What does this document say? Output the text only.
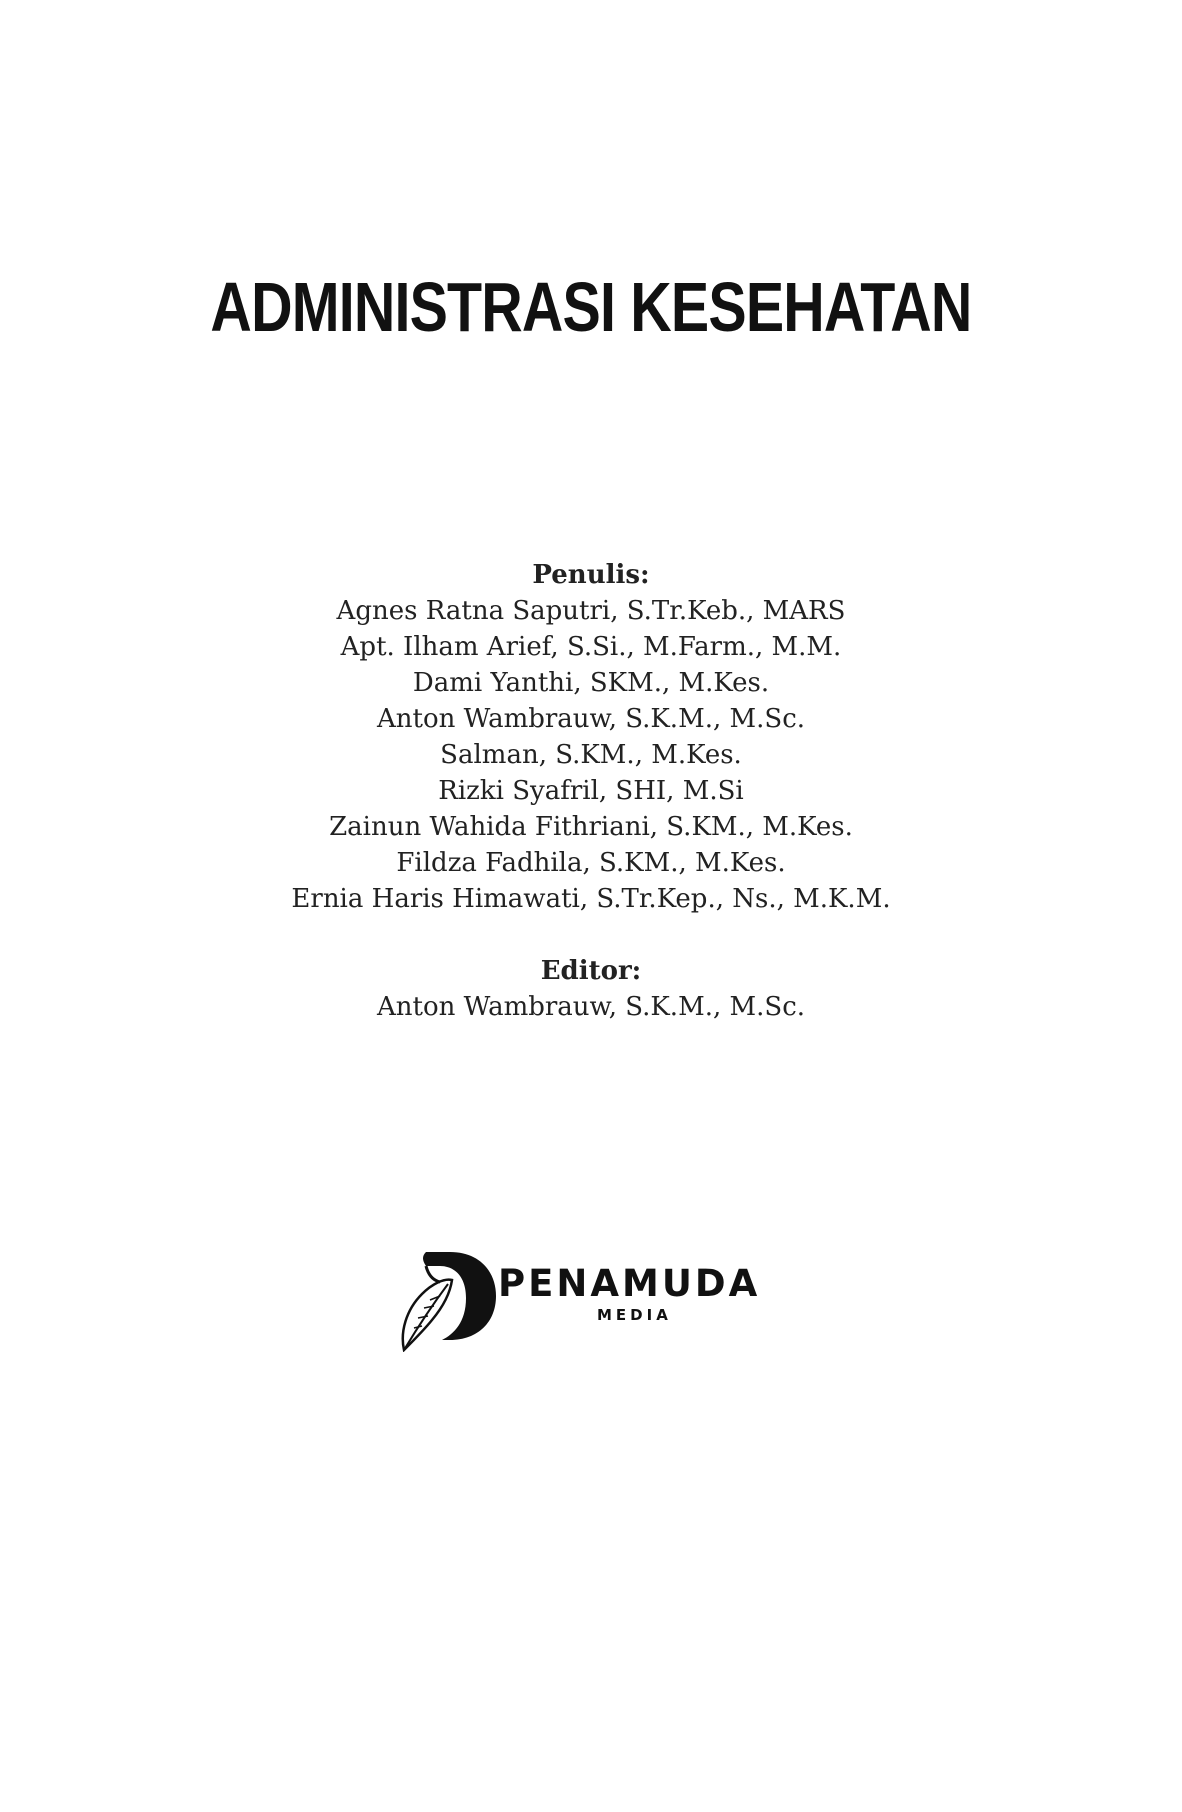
ADMINISTRASI KESEHATAN
Penulis:
Agnes Ratna Saputri, S.Tr.Keb., MARS
Apt. Ilham Arief, S.Si., M.Farm., M.M.
Dami Yanthi, SKM., M.Kes.
Anton Wambrauw, S.K.M., M.Sc.
Salman, S.KM., M.Kes.
Rizki Syafril, SHI, M.Si
Zainun Wahida Fithriani, S.KM., M.Kes.
Fildza Fadhila, S.KM., M.Kes.
Ernia Haris Himawati, S.Tr.Kep., Ns., M.K.M.
Editor:
Anton Wambrauw, S.K.M., M.Sc.
PENAMUDA
MEDIA
